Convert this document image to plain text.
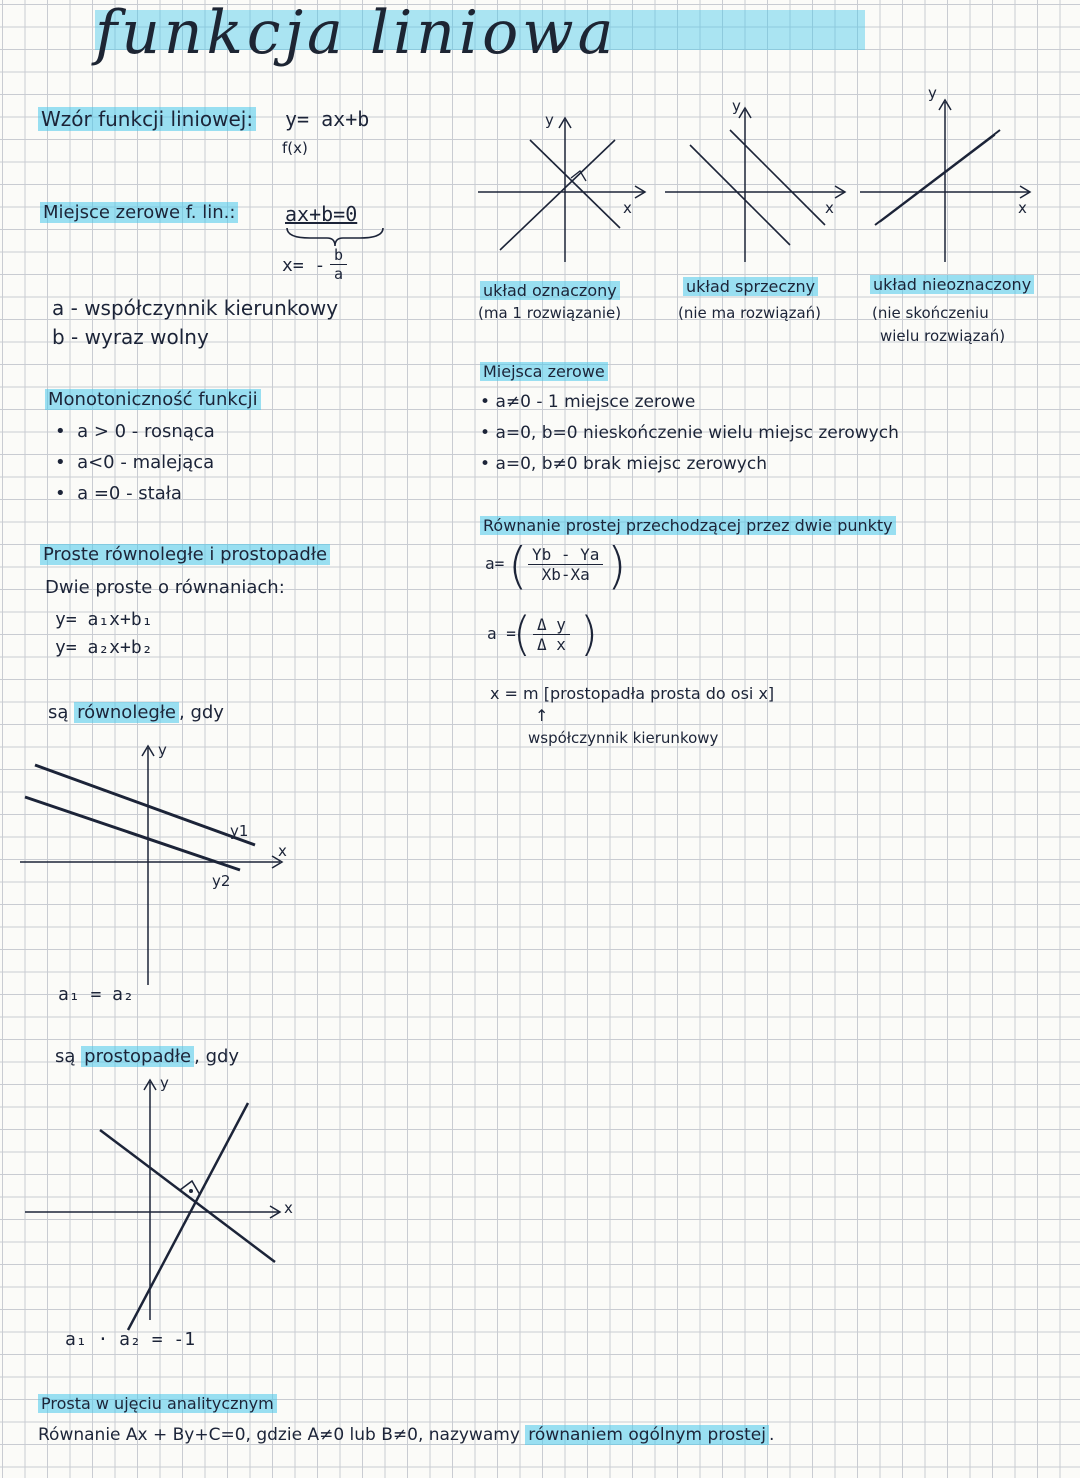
funkcja liniowa
Wzór funkcji liniowej: y= ax+b
f(x)
Miejsce zerowe f. lin.: ax+b=0
$x= - \frac{b}{a}$
a - współczynnik kierunkowy
b - wyraz wolny
Monotoniczność funkcji
•  a > 0 - rosnąca
•  a<0 - malejąca
•  a =0 - stała
Proste równoległe i prostopadłe
Dwie proste o równaniach:
y= a₁x+b₁
y= a₂x+b₂
są równoległe , gdy
y
x
y1
y2
a₁ = a₂
są prostopadłe , gdy
y
x
a₁ · a₂ = -1
y
x
y
x
y
x
układ oznaczony
(ma 1 rozwiązanie)
układ sprzeczny
(nie ma rozwiązań)
układ nieoznaczony
(nie skończeniu
wielu rozwiązań)
Miejsca zerowe
• a≠0 - 1 miejsce zerowe
• a=0, b=0 nieskończenie wielu miejsc zerowych
• a=0, b≠0 brak miejsc zerowych
Równanie prostej przechodzącej przez dwie punkty
a= ( $\frac{Yb - Ya}{Xb-Xa}$ )
a =
( $\frac{\text{Δ y}}{\text{Δ x}}$ )
x = m [prostopadła prosta do osi x]
↑
współczynnik kierunkowy
Prosta w ujęciu analitycznym
Równanie Ax + By+C=0, gdzie A≠0 lub B≠0, nazywamy równaniem ogólnym prostej .
